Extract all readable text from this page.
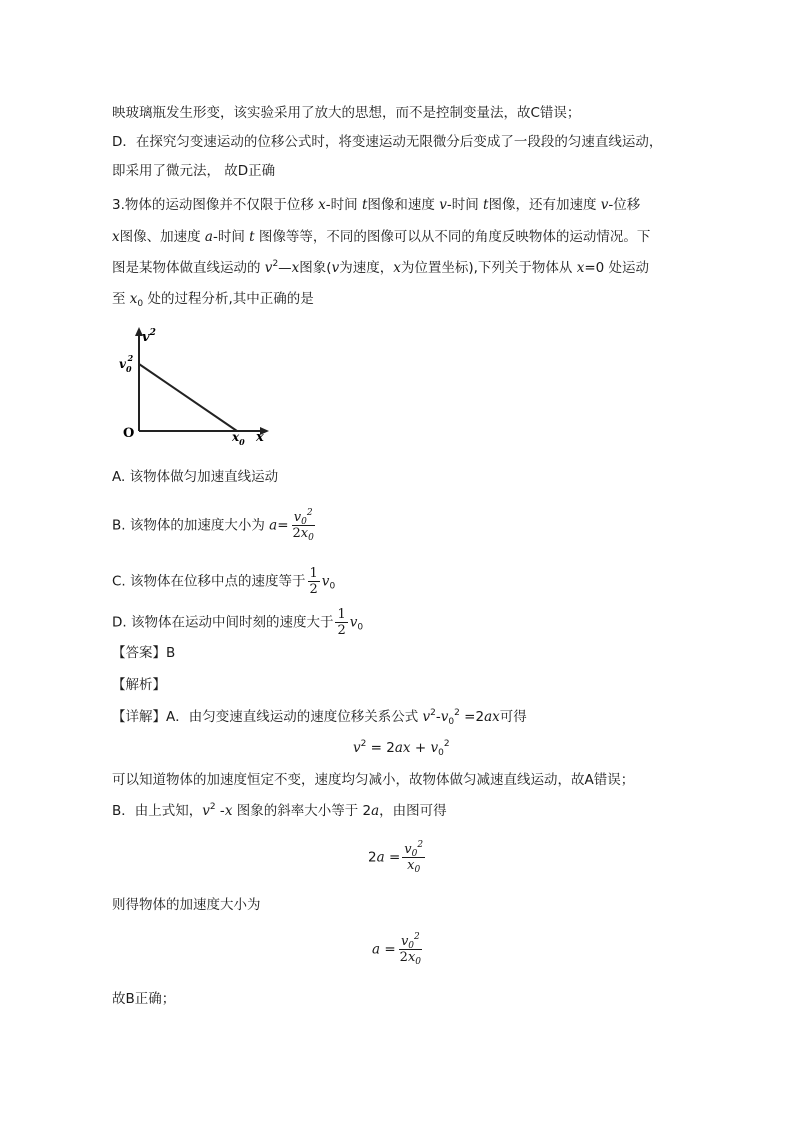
映玻璃瓶发生形变，该实验采用了放大的思想，而不是控制变量法，故C错误；
D．在探究匀变速运动的位移公式时，将变速运动无限微分后变成了一段段的匀速直线运动，
即采用了微元法， 故D正确
3.物体的运动图像并不仅限于位移 x-时间 t图像和速度 v-时间 t图像，还有加速度 v-位移
x图像、加速度 a-时间 t 图像等等，不同的图像可以从不同的角度反映物体的运动情况。下
图是某物体做直线运动的 $v^2—x$图象(v为速度，x为位置坐标),下列关于物体从 x=0 处运动
至 $x_0$ 处的过程分析,其中正确的是
$v^2$
$v_02$
O	$x_0$ x
A. 该物体做匀加速直线运动
B. 该物体的加速度大小为 $a= \frac{v_0^2}{2x_0}$
C. 该物体在位移中点的速度等于 $\frac{1}{2} v_0$
D. 该物体在运动中间时刻的速度大于 $\frac{1}{2} v_0$
【答案】B
【解析】
【详解】A．由匀变速直线运动的速度位移关系公式 $v^2-v_0^2 =2ax$可得
$v^2 = 2ax + v_0^2$
可以知道物体的加速度恒定不变，速度均匀减小，故物体做匀减速直线运动，故A错误；
B．由上式知，$v^2$ -x 图象的斜率大小等于 2a，由图可得
$2a = \frac{v_0^2}{x_0}$
则得物体的加速度大小为
$a = \frac{v_0^2}{2x_0}$
故B正确；
